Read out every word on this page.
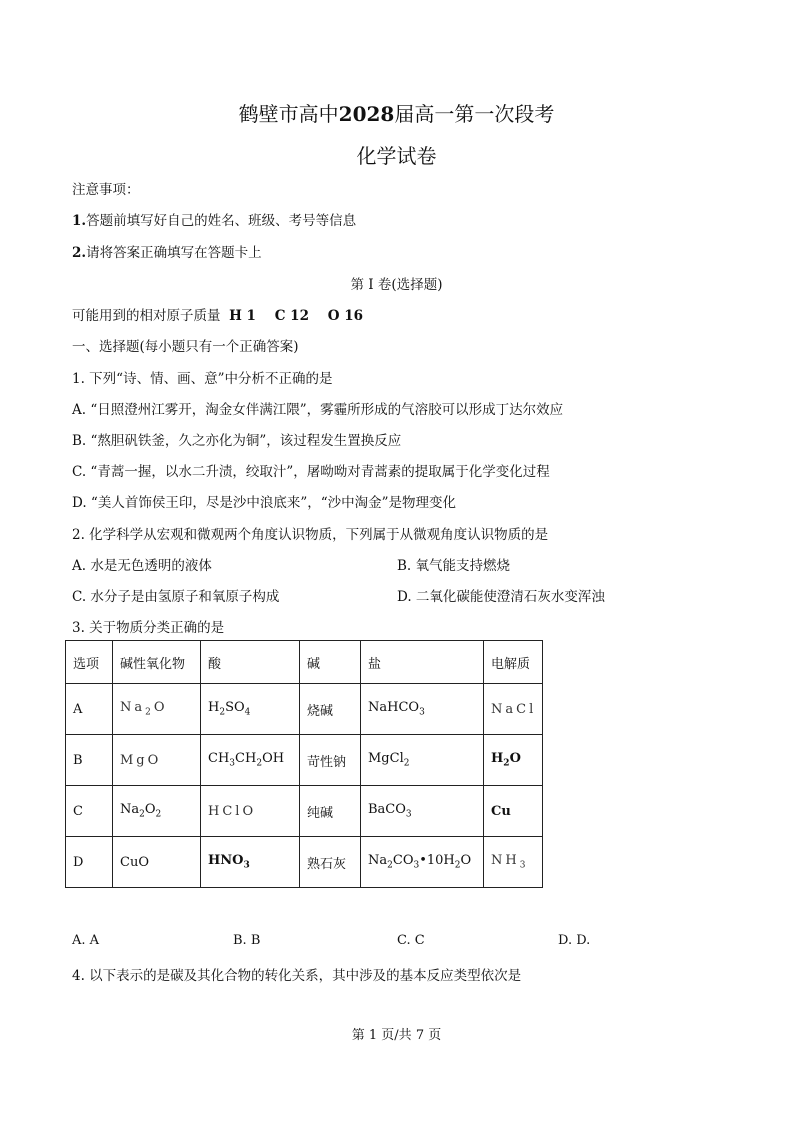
鹤壁市高中2028届高一第一次段考
化学试卷
注意事项：
1.答题前填写好自己的姓名、班级、考号等信息
2.请将答案正确填写在答题卡上
第 I 卷(选择题)
可能用到的相对原子质量 H 1    C 12    O 16
一、选择题(每小题只有一个正确答案)
1. 下列“诗、情、画、意”中分析不正确的是
A. “日照澄州江雾开，淘金女伴满江隈”，雾霾所形成的气溶胶可以形成丁达尔效应
B. “熬胆矾铁釜，久之亦化为铜”，该过程发生置换反应
C. “青蒿一握，以水二升渍，绞取汁”，屠呦呦对青蒿素的提取属于化学变化过程
D. “美人首饰侯王印，尽是沙中浪底来”，“沙中淘金”是物理变化
2. 化学科学从宏观和微观两个角度认识物质，下列属于从微观角度认识物质的是
A. 水是无色透明的液体	B. 氧气能支持燃烧
C. 水分子是由氢原子和氧原子构成	D. 二氧化碳能使澄清石灰水变浑浊
3. 关于物质分类正确的是
选项	碱性氧化物	酸	碱	盐	电解质
A	$Na_2O$	$H_2SO_4$	烧碱	NaHCO$_3$	NaCl
B	MgO	$CH_3CH_2OH$	苛性钠	MgCl$_2$	$H_2O$
C	$Na_2O_2$	HClO	纯碱	BaCO$_3$	Cu
D	CuO	$HNO_3$	熟石灰	$Na_2CO_3•10H_2O$	$NH_3$
A. A	B. B	C. C	D. D.
4. 以下表示的是碳及其化合物的转化关系，其中涉及的基本反应类型依次是
第 1 页/共 7 页
